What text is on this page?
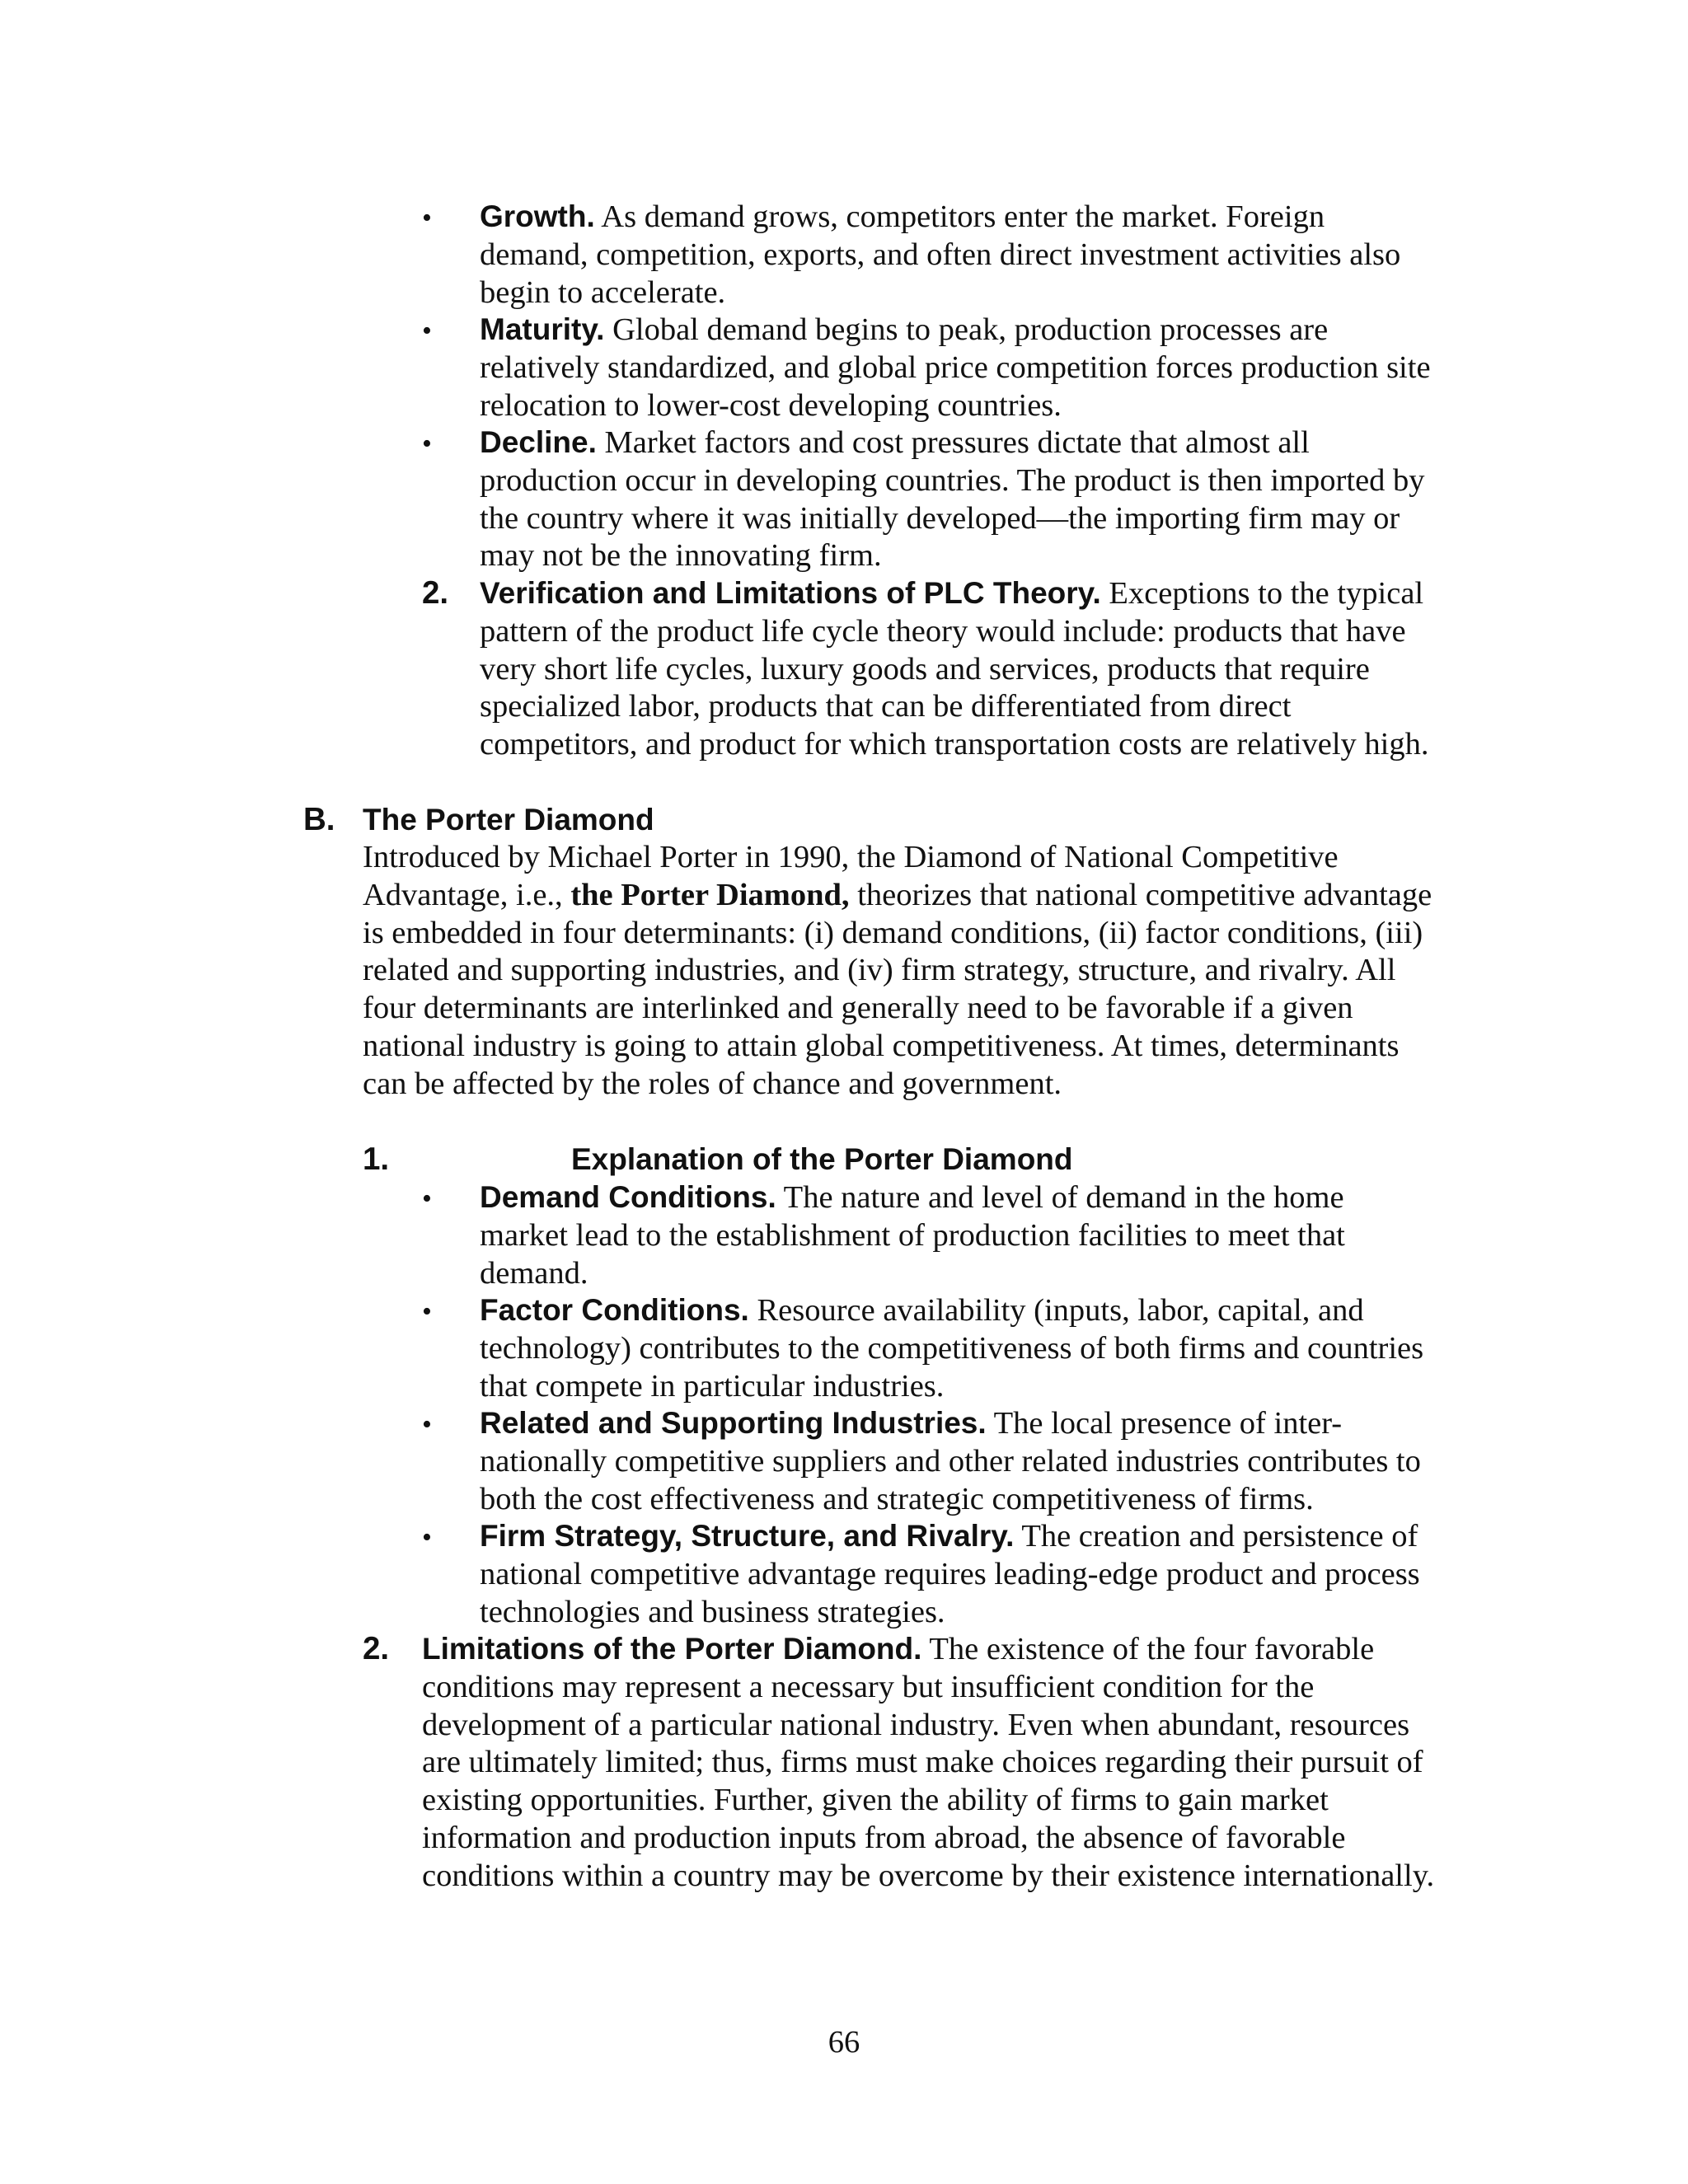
• Growth. As demand grows, competitors enter the market. Foreign demand, competition, exports, and often direct investment activities also begin to accelerate.
• Maturity. Global demand begins to peak, production processes are relatively standardized, and global price competition forces production site relocation to lower-cost developing countries.
• Decline. Market factors and cost pressures dictate that almost all production occur in developing countries. The product is then imported by the country where it was initially developed—the importing firm may or may not be the innovating firm.
2. Verification and Limitations of PLC Theory. Exceptions to the typical pattern of the product life cycle theory would include: products that have very short life cycles, luxury goods and services, products that require specialized labor, products that can be differentiated from direct competitors, and product for which transportation costs are relatively high.
B. The Porter Diamond
Introduced by Michael Porter in 1990, the Diamond of National Competitive Advantage, i.e., the Porter Diamond, theorizes that national competitive advantage is embedded in four determinants: (i) demand conditions, (ii) factor conditions, (iii) related and supporting industries, and (iv) firm strategy, structure, and rivalry. All four determinants are interlinked and generally need to be favorable if a given national industry is going to attain global competitiveness. At times, determinants can be affected by the roles of chance and government.
1.	Explanation of the Porter Diamond
• Demand Conditions. The nature and level of demand in the home market lead to the establishment of production facilities to meet that demand.
• Factor Conditions. Resource availability (inputs, labor, capital, and technology) contributes to the competitiveness of both firms and countries that compete in particular industries.
• Related and Supporting Industries. The local presence of inter-nationally competitive suppliers and other related industries contributes to both the cost effectiveness and strategic competitiveness of firms.
• Firm Strategy, Structure, and Rivalry. The creation and persistence of national competitive advantage requires leading-edge product and process technologies and business strategies.
2. Limitations of the Porter Diamond. The existence of the four favorable conditions may represent a necessary but insufficient condition for the development of a particular national industry. Even when abundant, resources are ultimately limited; thus, firms must make choices regarding their pursuit of existing opportunities. Further, given the ability of firms to gain market information and production inputs from abroad, the absence of favorable conditions within a country may be overcome by their existence internationally.
66
